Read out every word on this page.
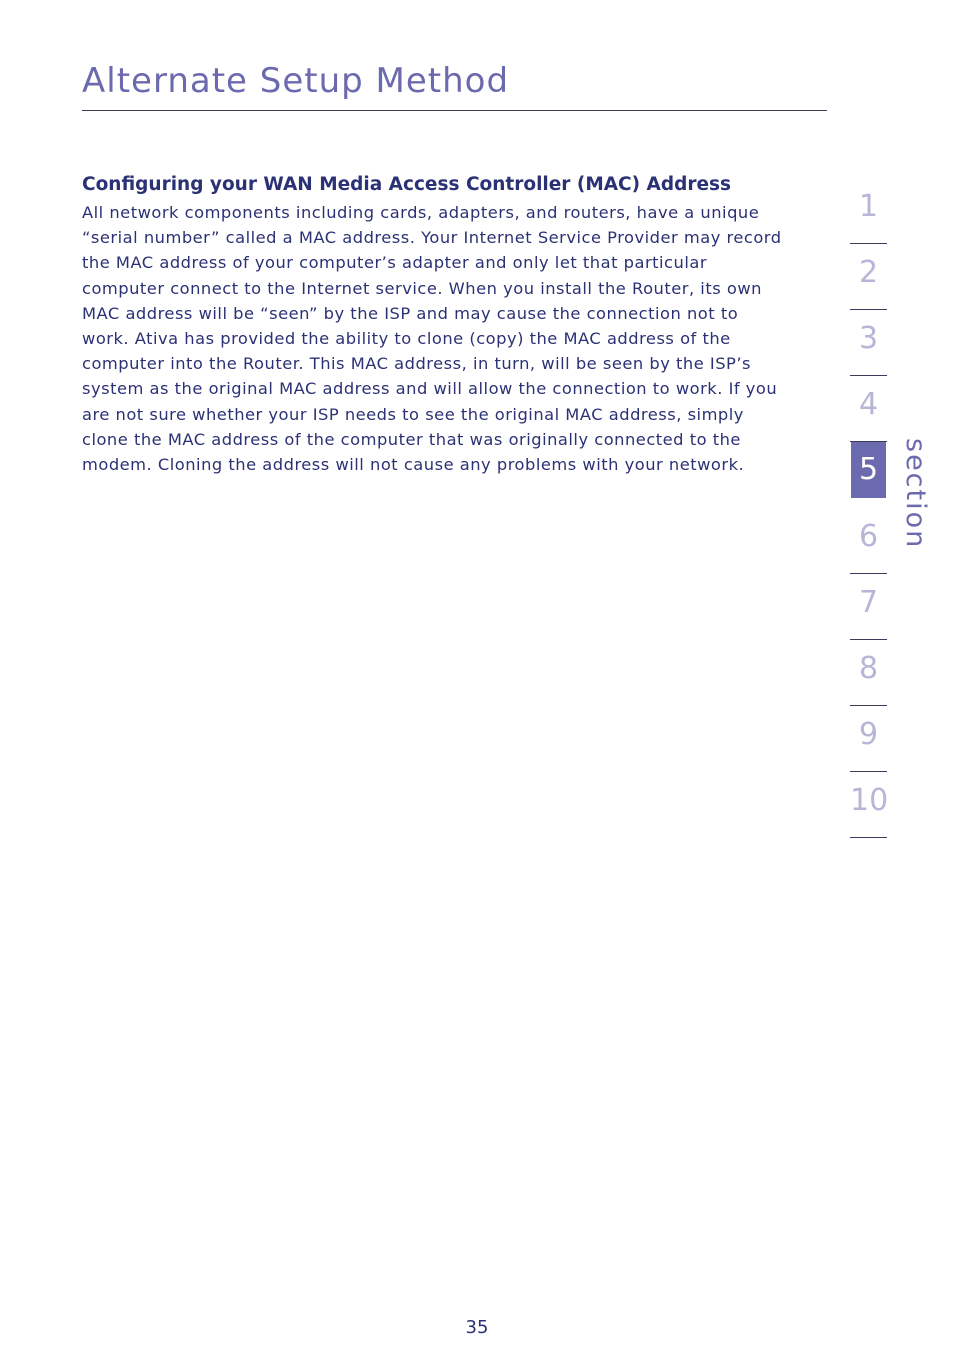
Alternate Setup Method
Configuring your WAN Media Access Controller (MAC) Address

All network components including cards, adapters, and routers, have a unique “serial number” called a MAC address. Your Internet Service Provider may record the MAC address of your computer’s adapter and only let that particular computer connect to the Internet service. When you install the Router, its own MAC address will be “seen” by the ISP and may cause the connection not to work. Ativa has provided the ability to clone (copy) the MAC address of the computer into the Router. This MAC address, in turn, will be seen by the ISP’s system as the original MAC address and will allow the connection to work. If you are not sure whether your ISP needs to see the original MAC address, simply clone the MAC address of the computer that was originally connected to the modem. Cloning the address will not cause any problems with your network.

1
2
3
4
5
6
7
8
9
10
section
35
